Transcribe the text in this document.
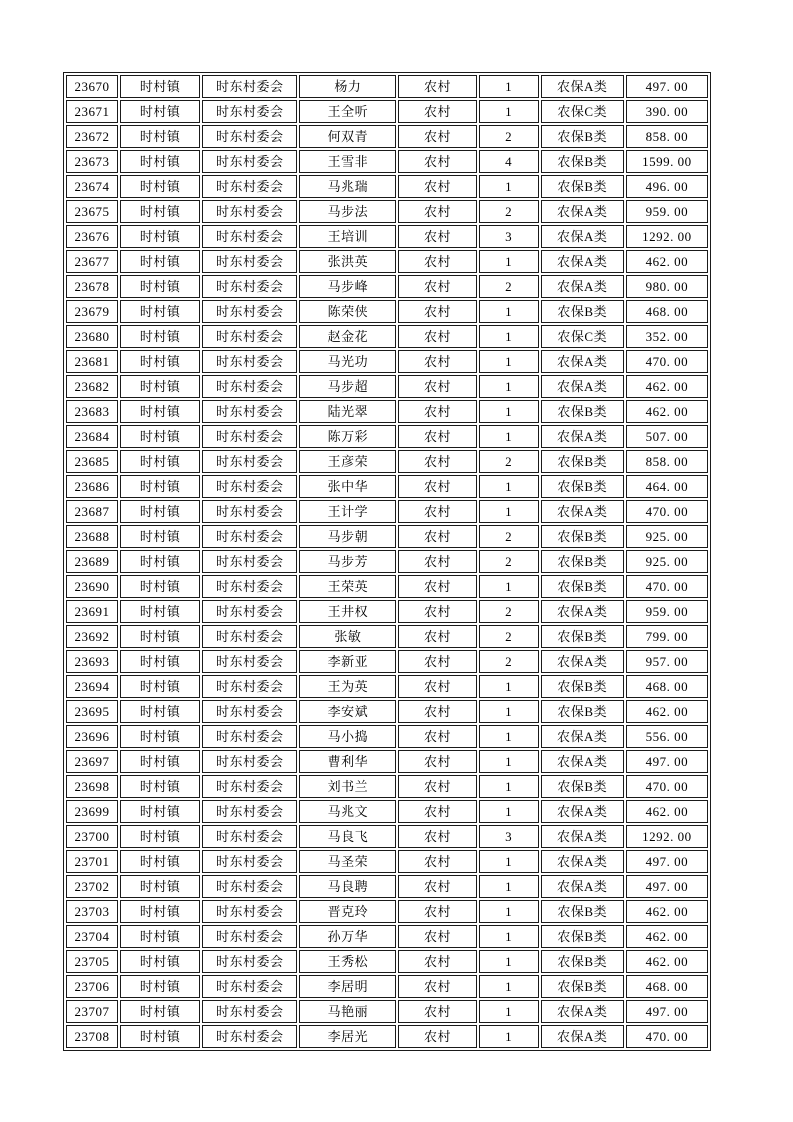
23670	时村镇	时东村委会	杨力	农村	1	农保A类	497. 00
23671	时村镇	时东村委会	王全听	农村	1	农保C类	390. 00
23672	时村镇	时东村委会	何双青	农村	2	农保B类	858. 00
23673	时村镇	时东村委会	王雪非	农村	4	农保B类	1599. 00
23674	时村镇	时东村委会	马兆瑞	农村	1	农保B类	496. 00
23675	时村镇	时东村委会	马步法	农村	2	农保A类	959. 00
23676	时村镇	时东村委会	王培训	农村	3	农保A类	1292. 00
23677	时村镇	时东村委会	张洪英	农村	1	农保A类	462. 00
23678	时村镇	时东村委会	马步峰	农村	2	农保A类	980. 00
23679	时村镇	时东村委会	陈荣侠	农村	1	农保B类	468. 00
23680	时村镇	时东村委会	赵金花	农村	1	农保C类	352. 00
23681	时村镇	时东村委会	马光功	农村	1	农保A类	470. 00
23682	时村镇	时东村委会	马步超	农村	1	农保A类	462. 00
23683	时村镇	时东村委会	陆光翠	农村	1	农保B类	462. 00
23684	时村镇	时东村委会	陈万彩	农村	1	农保A类	507. 00
23685	时村镇	时东村委会	王彦荣	农村	2	农保B类	858. 00
23686	时村镇	时东村委会	张中华	农村	1	农保B类	464. 00
23687	时村镇	时东村委会	王计学	农村	1	农保A类	470. 00
23688	时村镇	时东村委会	马步朝	农村	2	农保B类	925. 00
23689	时村镇	时东村委会	马步芳	农村	2	农保B类	925. 00
23690	时村镇	时东村委会	王荣英	农村	1	农保B类	470. 00
23691	时村镇	时东村委会	王井权	农村	2	农保A类	959. 00
23692	时村镇	时东村委会	张敏	农村	2	农保B类	799. 00
23693	时村镇	时东村委会	李新亚	农村	2	农保A类	957. 00
23694	时村镇	时东村委会	王为英	农村	1	农保B类	468. 00
23695	时村镇	时东村委会	李安斌	农村	1	农保B类	462. 00
23696	时村镇	时东村委会	马小捣	农村	1	农保A类	556. 00
23697	时村镇	时东村委会	曹利华	农村	1	农保A类	497. 00
23698	时村镇	时东村委会	刘书兰	农村	1	农保B类	470. 00
23699	时村镇	时东村委会	马兆文	农村	1	农保A类	462. 00
23700	时村镇	时东村委会	马良飞	农村	3	农保A类	1292. 00
23701	时村镇	时东村委会	马圣荣	农村	1	农保A类	497. 00
23702	时村镇	时东村委会	马良聘	农村	1	农保A类	497. 00
23703	时村镇	时东村委会	晋克玲	农村	1	农保B类	462. 00
23704	时村镇	时东村委会	孙万华	农村	1	农保B类	462. 00
23705	时村镇	时东村委会	王秀松	农村	1	农保B类	462. 00
23706	时村镇	时东村委会	李居明	农村	1	农保B类	468. 00
23707	时村镇	时东村委会	马艳丽	农村	1	农保A类	497. 00
23708	时村镇	时东村委会	李居光	农村	1	农保A类	470. 00
